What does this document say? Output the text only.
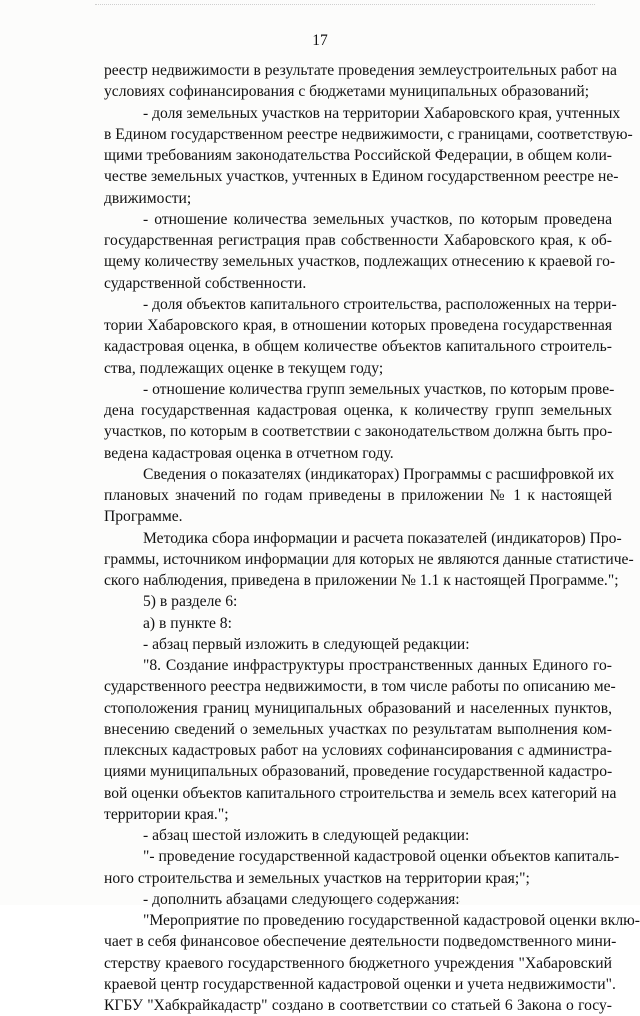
17
реестр недвижимости в результате проведения землеустроительных работ на
условиях софинансирования с бюджетами муниципальных образований;
- доля земельных участков на территории Хабаровского края, учтенных
в Едином государственном реестре недвижимости, с границами, соответствую-
щими требованиям законодательства Российской Федерации, в общем коли-
честве земельных участков, учтенных в Едином государственном реестре не-
движимости;
- отношение количества земельных участков, по которым проведена
государственная регистрация прав собственности Хабаровского края, к об-
щему количеству земельных участков, подлежащих отнесению к краевой го-
сударственной собственности.
- доля объектов капитального строительства, расположенных на терри-
тории Хабаровского края, в отношении которых проведена государственная
кадастровая оценка, в общем количестве объектов капитального строитель-
ства, подлежащих оценке в текущем году;
- отношение количества групп земельных участков, по которым прове-
дена государственная кадастровая оценка, к количеству групп земельных
участков, по которым в соответствии с законодательством должна быть про-
ведена кадастровая оценка в отчетном году.
Сведения о показателях (индикаторах) Программы с расшифровкой их
плановых значений по годам приведены в приложении № 1 к настоящей
Программе.
Методика сбора информации и расчета показателей (индикаторов) Про-
граммы, источником информации для которых не являются данные статистиче-
ского наблюдения, приведена в приложении № 1.1 к настоящей Программе.";
5) в разделе 6:
а) в пункте 8:
- абзац первый изложить в следующей редакции:
"8. Создание инфраструктуры пространственных данных Единого го-
сударственного реестра недвижимости, в том числе работы по описанию ме-
стоположения границ муниципальных образований и населенных пунктов,
внесению сведений о земельных участках по результатам выполнения ком-
плексных кадастровых работ на условиях софинансирования с администра-
циями муниципальных образований, проведение государственной кадастро-
вой оценки объектов капитального строительства и земель всех категорий на
территории края.";
- абзац шестой изложить в следующей редакции:
"- проведение государственной кадастровой оценки объектов капиталь-
ного строительства и земельных участков на территории края;";
- дополнить абзацами следующего содержания:
"Мероприятие по проведению государственной кадастровой оценки вклю-
чает в себя финансовое обеспечение деятельности подведомственного мини-
стерству краевого государственного бюджетного учреждения "Хабаровский
краевой центр государственной кадастровой оценки и учета недвижимости".
КГБУ "Хабкрайкадастр" создано в соответствии со статьей 6 Закона о госу-
